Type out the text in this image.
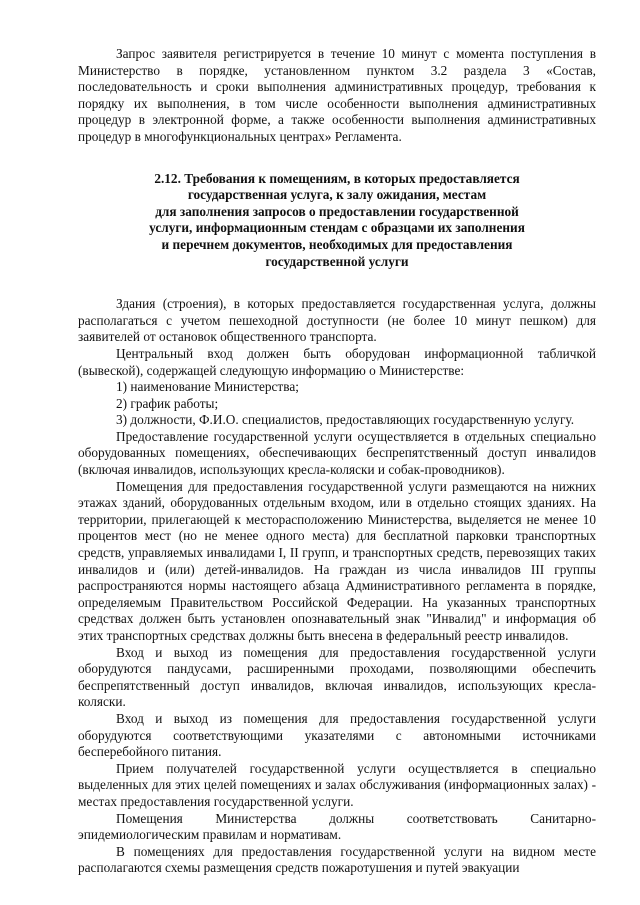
Запрос заявителя регистрируется в течение 10 минут с момента поступления в Министерство в порядке, установленном пунктом 3.2 раздела 3 «Состав, последовательность и сроки выполнения административных процедур, требования к порядку их выполнения, в том числе особенности выполнения административных процедур в электронной форме, а также особенности выполнения административных процедур в многофункциональных центрах» Регламента.

2.12. Требования к помещениям, в которых предоставляется
государственная услуга, к залу ожидания, местам
для заполнения запросов о предоставлении государственной
услуги, информационным стендам с образцами их заполнения
и перечнем документов, необходимых для предоставления
государственной услуги

Здания (строения), в которых предоставляется государственная услуга, должны располагаться с учетом пешеходной доступности (не более 10 минут пешком) для заявителей от остановок общественного транспорта.

Центральный вход должен быть оборудован информационной табличкой (вывеской), содержащей следующую информацию о Министерстве:

1) наименование Министерства;

2) график работы;

3) должности, Ф.И.О. специалистов, предоставляющих государственную услугу.

Предоставление государственной услуги осуществляется в отдельных специально оборудованных помещениях, обеспечивающих беспрепятственный доступ инвалидов (включая инвалидов, использующих кресла-коляски и собак-проводников).

Помещения для предоставления государственной услуги размещаются на нижних этажах зданий, оборудованных отдельным входом, или в отдельно стоящих зданиях. На территории, прилегающей к месторасположению Министерства, выделяется не менее 10 процентов мест (но не менее одного места) для бесплатной парковки транспортных средств, управляемых инвалидами I, II групп, и транспортных средств, перевозящих таких инвалидов и (или) детей-инвалидов. На граждан из числа инвалидов III группы распространяются нормы настоящего абзаца Административного регламента в порядке, определяемым Правительством Российской Федерации. На указанных транспортных средствах должен быть установлен опознавательный знак "Инвалид" и информация об этих транспортных средствах должны быть внесена в федеральный реестр инвалидов.

Вход и выход из помещения для предоставления государственной услуги оборудуются пандусами, расширенными проходами, позволяющими обеспечить беспрепятственный доступ инвалидов, включая инвалидов, использующих кресла-коляски.

Вход и выход из помещения для предоставления государственной услуги оборудуются соответствующими указателями с автономными источниками бесперебойного питания.

Прием получателей государственной услуги осуществляется в специально выделенных для этих целей помещениях и залах обслуживания (информационных залах) - местах предоставления государственной услуги.

Помещения Министерства должны соответствовать Санитарно-эпидемиологическим правилам и нормативам.

В помещениях для предоставления государственной услуги на видном месте располагаются схемы размещения средств пожаротушения и путей эвакуации
